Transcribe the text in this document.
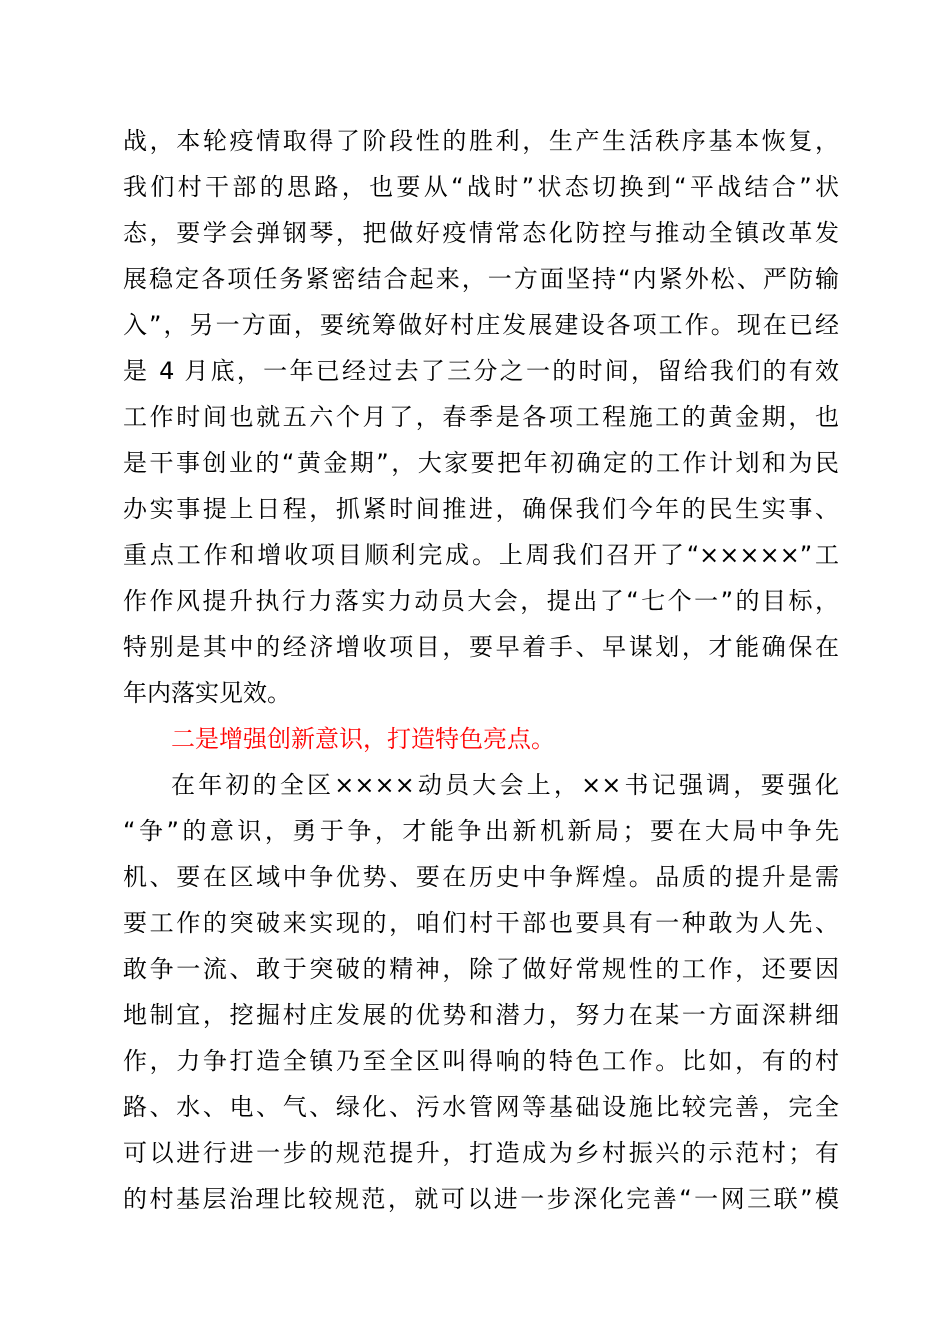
战，本轮疫情取得了阶段性的胜利，生产生活秩序基本恢复，
我们村干部的思路，也要从“战时”状态切换到“平战结合”状
态，要学会弹钢琴，把做好疫情常态化防控与推动全镇改革发
展稳定各项任务紧密结合起来，一方面坚持“内紧外松、严防输
入”，另一方面，要统筹做好村庄发展建设各项工作。现在已经
是 4 月底，一年已经过去了三分之一的时间，留给我们的有效
工作时间也就五六个月了，春季是各项工程施工的黄金期，也
是干事创业的“黄金期”，大家要把年初确定的工作计划和为民
办实事提上日程，抓紧时间推进，确保我们今年的民生实事、
重点工作和增收项目顺利完成。上周我们召开了“×××××”工
作作风提升执行力落实力动员大会，提出了“七个一”的目标，
特别是其中的经济增收项目，要早着手、早谋划，才能确保在
年内落实见效。
二是增强创新意识，打造特色亮点。
在年初的全区××××动员大会上，××书记强调，要强化
“争”的意识，勇于争，才能争出新机新局；要在大局中争先
机、要在区域中争优势、要在历史中争辉煌。品质的提升是需
要工作的突破来实现的，咱们村干部也要具有一种敢为人先、
敢争一流、敢于突破的精神，除了做好常规性的工作，还要因
地制宜，挖掘村庄发展的优势和潜力，努力在某一方面深耕细
作，力争打造全镇乃至全区叫得响的特色工作。比如，有的村
路、水、电、气、绿化、污水管网等基础设施比较完善，完全
可以进行进一步的规范提升，打造成为乡村振兴的示范村；有
的村基层治理比较规范，就可以进一步深化完善“一网三联”模
